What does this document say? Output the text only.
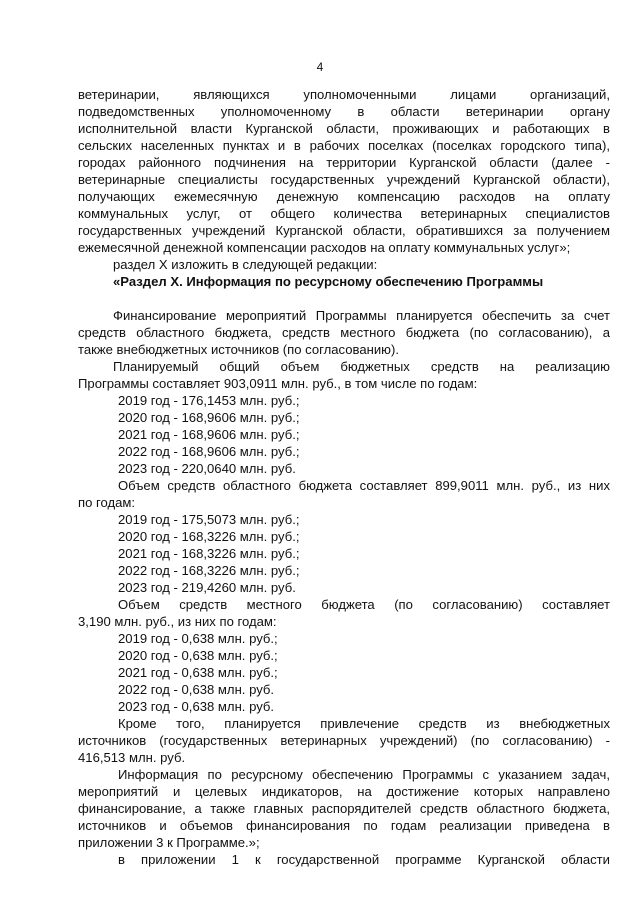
4
ветеринарии, являющихся уполномоченными лицами организаций,
подведомственных уполномоченному в области ветеринарии органу
исполнительной власти Курганской области, проживающих и работающих в
сельских населенных пунктах и в рабочих поселках (поселках городского типа),
городах районного подчинения на территории Курганской области (далее -
ветеринарные специалисты государственных учреждений Курганской области),
получающих ежемесячную денежную компенсацию расходов на оплату
коммунальных услуг, от общего количества ветеринарных специалистов
государственных учреждений Курганской области, обратившихся за получением
ежемесячной денежной компенсации расходов на оплату коммунальных услуг»;
раздел X изложить в следующей редакции:
«Раздел X. Информация по ресурсному обеспечению Программы
Финансирование мероприятий Программы планируется обеспечить за счет
средств областного бюджета, средств местного бюджета (по согласованию), а
также внебюджетных источников (по согласованию).
Планируемый общий объем бюджетных средств на реализацию
Программы составляет 903,0911 млн. руб., в том числе по годам:
2019 год - 176,1453 млн. руб.;
2020 год - 168,9606 млн. руб.;
2021 год - 168,9606 млн. руб.;
2022 год - 168,9606 млн. руб.;
2023 год - 220,0640 млн. руб.
Объем средств областного бюджета составляет 899,9011 млн. руб., из них
по годам:
2019 год - 175,5073 млн. руб.;
2020 год - 168,3226 млн. руб.;
2021 год - 168,3226 млн. руб.;
2022 год - 168,3226 млн. руб.;
2023 год - 219,4260 млн. руб.
Объем средств местного бюджета (по согласованию) составляет
3,190 млн. руб., из них по годам:
2019 год - 0,638 млн. руб.;
2020 год - 0,638 млн. руб.;
2021 год - 0,638 млн. руб.;
2022 год - 0,638 млн. руб.
2023 год - 0,638 млн. руб.
Кроме того, планируется привлечение средств из внебюджетных
источников (государственных ветеринарных учреждений) (по согласованию) -
416,513 млн. руб.
Информация по ресурсному обеспечению Программы с указанием задач,
мероприятий и целевых индикаторов, на достижение которых направлено
финансирование, а также главных распорядителей средств областного бюджета,
источников и объемов финансирования по годам реализации приведена в
приложении 3 к Программе.»;
в приложении 1 к государственной программе Курганской области
